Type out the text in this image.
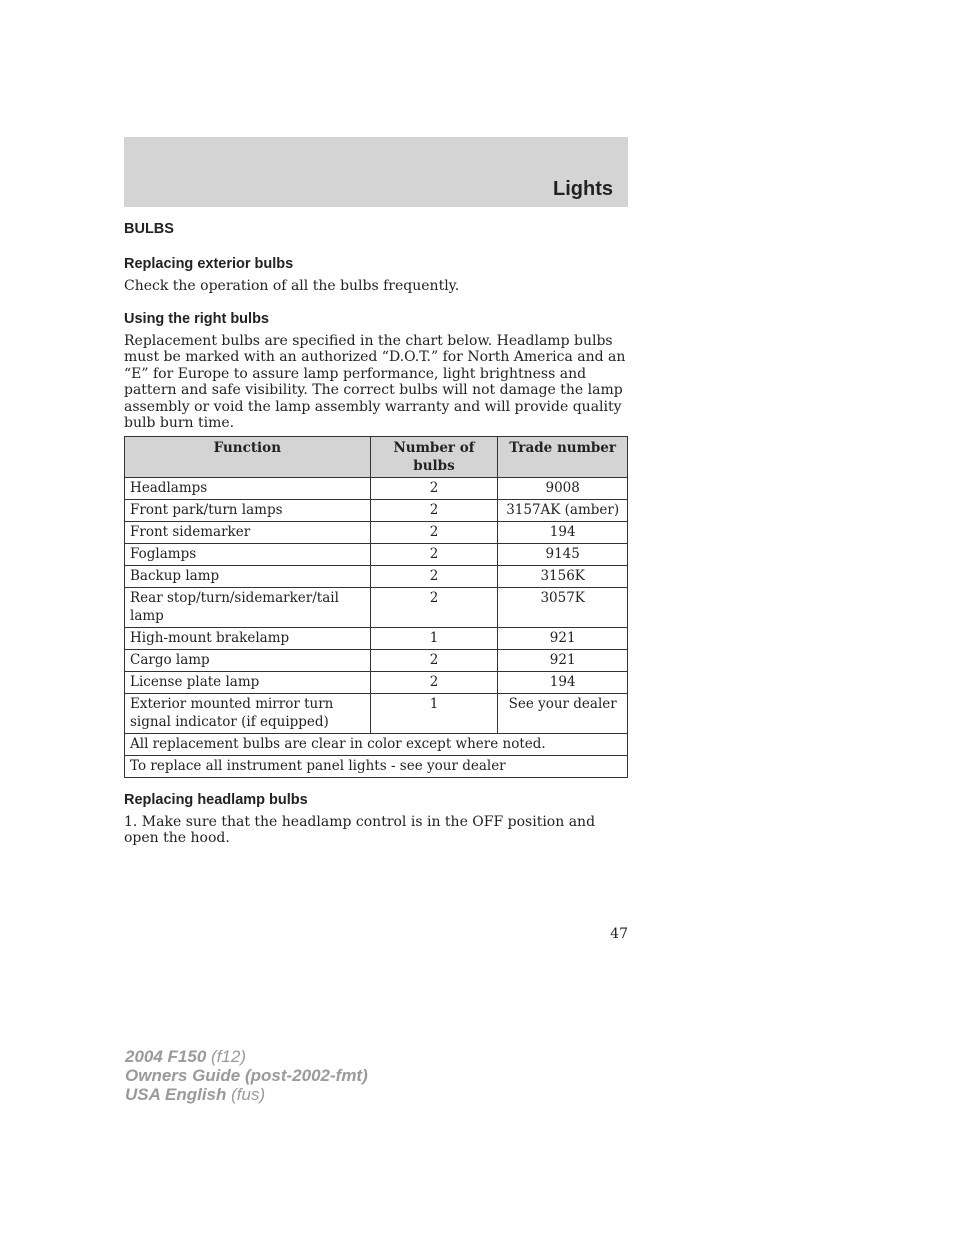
Lights
BULBS
Replacing exterior bulbs

Check the operation of all the bulbs frequently.

Using the right bulbs

Replacement bulbs are specified in the chart below. Headlamp bulbs must be marked with an authorized “D.O.T.” for North America and an “E” for Europe to assure lamp performance, light brightness and pattern and safe visibility. The correct bulbs will not damage the lamp assembly or void the lamp assembly warranty and will provide quality bulb burn time.

Function	Number of bulbs	Trade number
Headlamps	2	9008
Front park/turn lamps	2	3157AK (amber)
Front sidemarker	2	194
Foglamps	2	9145
Backup lamp	2	3156K
Rear stop/turn/sidemarker/tail lamp	2	3057K
High-mount brakelamp	1	921
Cargo lamp	2	921
License plate lamp	2	194
Exterior mounted mirror turn signal indicator (if equipped)	1	See your dealer
All replacement bulbs are clear in color except where noted.		
To replace all instrument panel lights - see your dealer		
Replacing headlamp bulbs

1. Make sure that the headlamp control is in the OFF position and open the hood.

47
2004 F150 (f12)
Owners Guide (post-2002-fmt)
USA English (fus)
